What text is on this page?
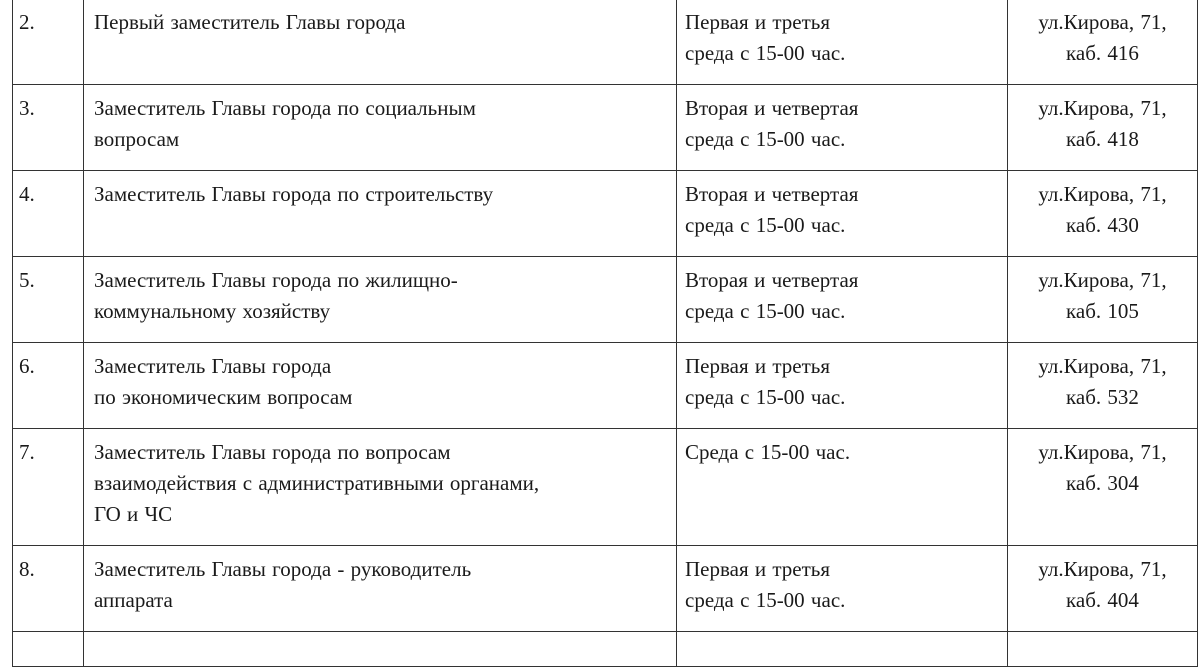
2.	Первый заместитель Главы города	Первая и третья
среда с 15-00 час.	ул.Кирова, 71,
каб. 416

3.	Заместитель Главы города по социальным
вопросам	Вторая и четвертая
среда с 15-00 час.	ул.Кирова, 71,
каб. 418

4.	Заместитель Главы города по строительству	Вторая и четвертая
среда с 15-00 час.	ул.Кирова, 71,
каб. 430

5.	Заместитель Главы города по жилищно-
коммунальному хозяйству	Вторая и четвертая
среда с 15-00 час.	ул.Кирова, 71,
каб. 105

6.	Заместитель Главы города
по экономическим вопросам	Первая и третья
среда с 15-00 час.	ул.Кирова, 71,
каб. 532

7.	Заместитель Главы города по вопросам
взаимодействия с административными органами,
ГО и ЧС	Среда с 15-00 час.	ул.Кирова, 71,
каб. 304

8.	Заместитель Главы города - руководитель
аппарата	Первая и третья
среда с 15-00 час.	ул.Кирова, 71,
каб. 404
